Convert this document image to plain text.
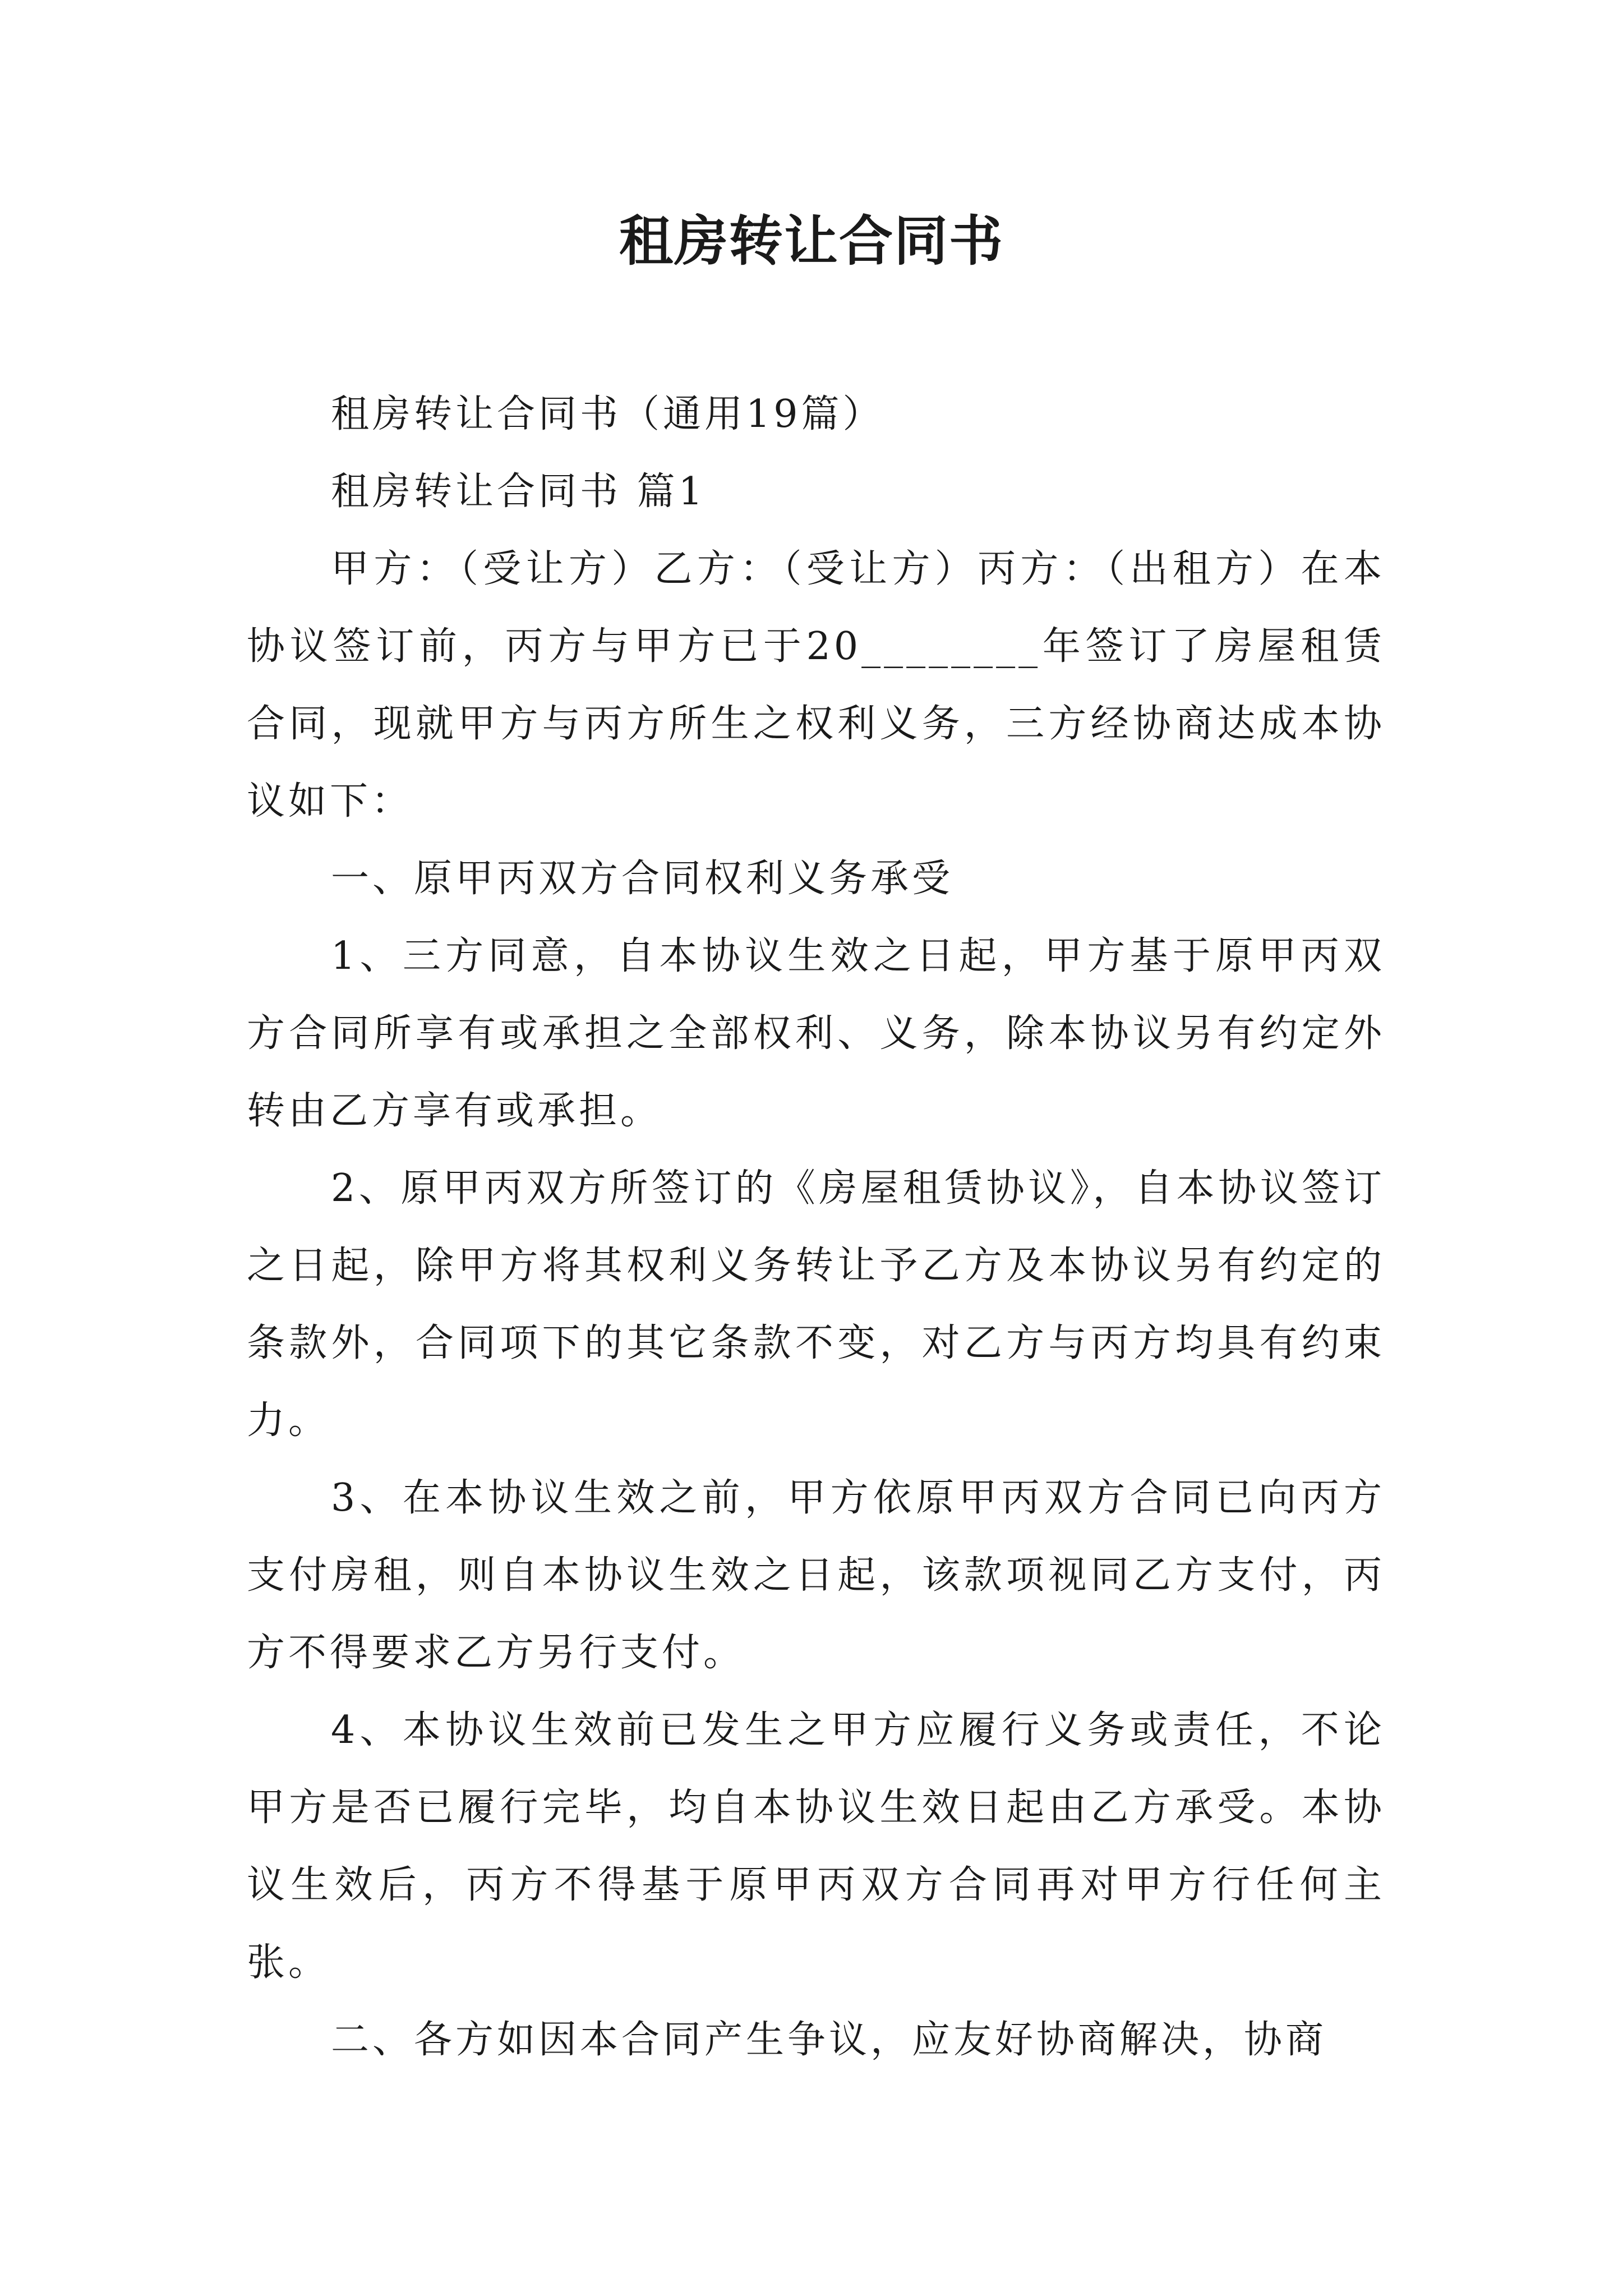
租房转让合同书

租房转让合同书（通用19篇）

租房转让合同书 篇1

甲方：（受让方）乙方：（受让方）丙方：（出租方）在本协议签订前，丙方与甲方已于20________年签订了房屋租赁合同，现就甲方与丙方所生之权利义务，三方经协商达成本协议如下：

一、原甲丙双方合同权利义务承受

1、三方同意，自本协议生效之日起，甲方基于原甲丙双方合同所享有或承担之全部权利、义务，除本协议另有约定外转由乙方享有或承担。

2、原甲丙双方所签订的《房屋租赁协议》，自本协议签订之日起，除甲方将其权利义务转让予乙方及本协议另有约定的条款外，合同项下的其它条款不变，对乙方与丙方均具有约束力。

3、在本协议生效之前，甲方依原甲丙双方合同已向丙方支付房租，则自本协议生效之日起，该款项视同乙方支付，丙方不得要求乙方另行支付。

4、本协议生效前已发生之甲方应履行义务或责任，不论甲方是否已履行完毕，均自本协议生效日起由乙方承受。本协议生效后，丙方不得基于原甲丙双方合同再对甲方行任何主张。

二、各方如因本合同产生争议，应友好协商解决，协商
